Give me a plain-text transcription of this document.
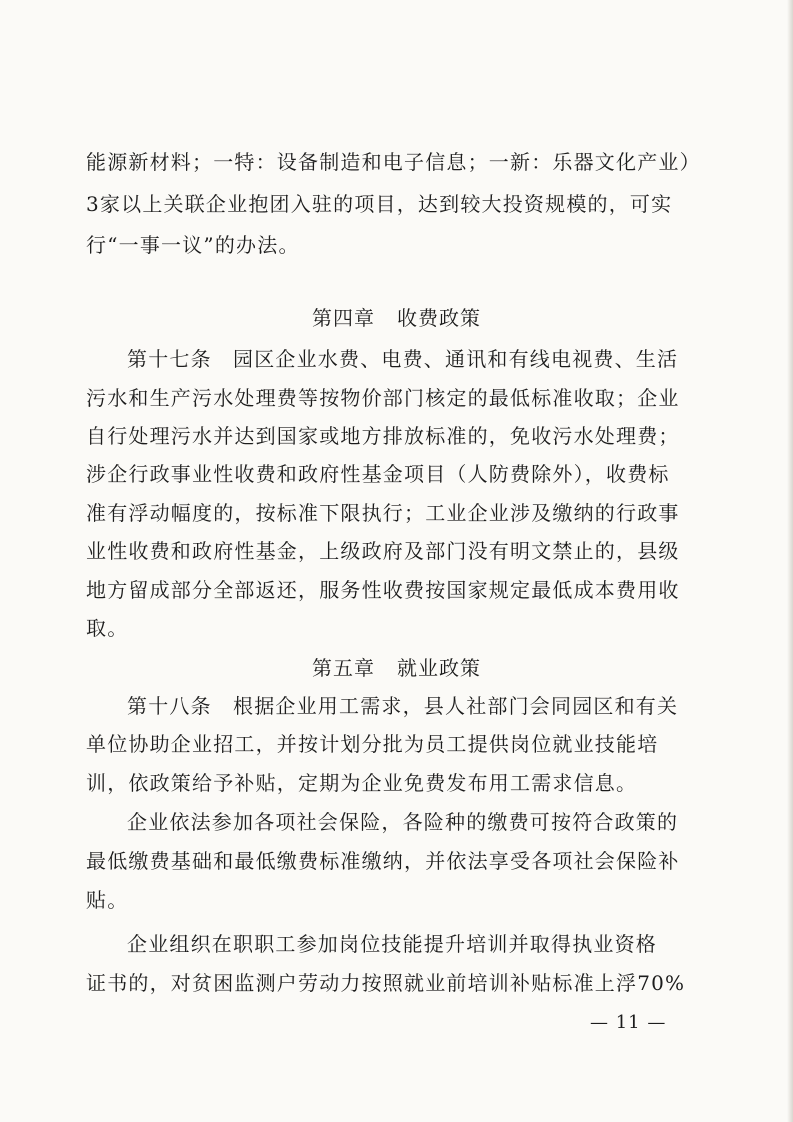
能源新材料；一特：设备制造和电子信息；一新：乐器文化产业）
3家以上关联企业抱团入驻的项目，达到较大投资规模的，可实
行“一事一议”的办法。
第四章 收费政策
第十七条　园区企业水费、电费、通讯和有线电视费、生活
污水和生产污水处理费等按物价部门核定的最低标准收取；企业
自行处理污水并达到国家或地方排放标准的，免收污水处理费；
涉企行政事业性收费和政府性基金项目（人防费除外），收费标
准有浮动幅度的，按标准下限执行；工业企业涉及缴纳的行政事
业性收费和政府性基金，上级政府及部门没有明文禁止的，县级
地方留成部分全部返还，服务性收费按国家规定最低成本费用收
取。
第五章 就业政策
第十八条　根据企业用工需求，县人社部门会同园区和有关
单位协助企业招工，并按计划分批为员工提供岗位就业技能培
训，依政策给予补贴，定期为企业免费发布用工需求信息。
企业依法参加各项社会保险，各险种的缴费可按符合政策的
最低缴费基础和最低缴费标准缴纳，并依法享受各项社会保险补
贴。
企业组织在职职工参加岗位技能提升培训并取得执业资格
证书的，对贫困监测户劳动力按照就业前培训补贴标准上浮70%
— 11 —
